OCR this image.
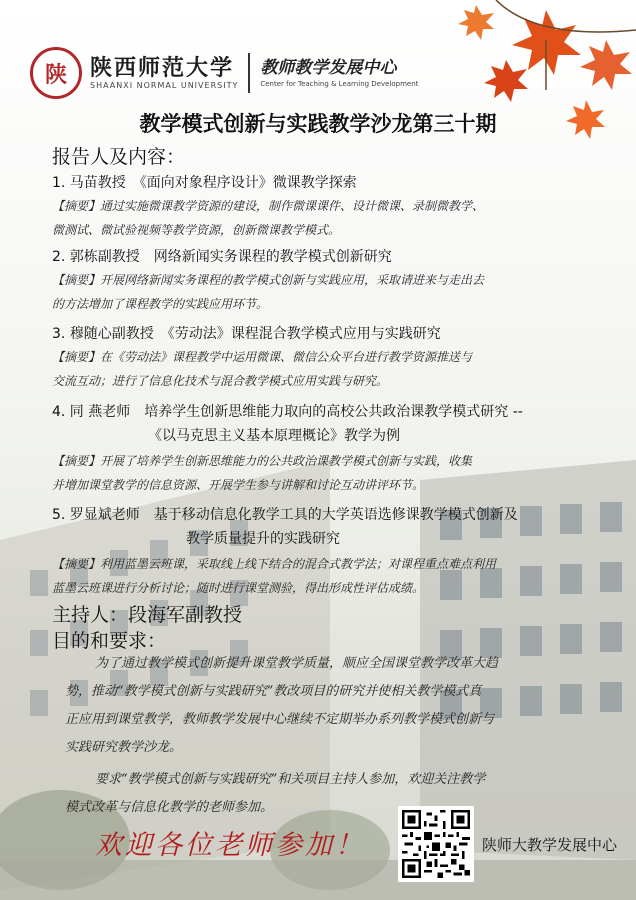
陕 陕西师范大学
SHAANXI NORMAL UNIVERSITY
教师教学发展中心
Center for Teaching & Learning Development
教学模式创新与实践教学沙龙第三十期
报告人及内容：
1. 马苗教授　《面向对象程序设计》微课教学探索
【摘要】通过实施微课教学资源的建设，制作微课课件、设计微课、录制微教学、
微测试、微试验视频等教学资源，创新微课教学模式。
2. 郭栋副教授　网络新闻实务课程的教学模式创新研究
【摘要】开展网络新闻实务课程的教学模式创新与实践应用，采取请进来与走出去
的方法增加了课程教学的实践应用环节。
3. 穆随心副教授　《劳动法》课程混合教学模式应用与实践研究
【摘要】在《劳动法》课程教学中运用微课、微信公众平台进行教学资源推送与
交流互动；进行了信息化技术与混合教学模式应用实践与研究。
4. 同 燕老师　培养学生创新思维能力取向的高校公共政治课教学模式研究 --
《以马克思主义基本原理概论》教学为例
【摘要】开展了培养学生创新思维能力的公共政治课教学模式创新与实践，收集
并增加课堂教学的信息资源、开展学生参与讲解和讨论互动讲评环节。
5. 罗显斌老师　基于移动信息化教学工具的大学英语选修课教学模式创新及
教学质量提升的实践研究
【摘要】利用蓝墨云班课，采取线上线下结合的混合式教学法；对课程重点难点利用
蓝墨云班课进行分析讨论；随时进行课堂测验，得出形成性评估成绩。
主持人：段海军副教授
目的和要求：
为了通过教学模式创新提升课堂教学质量，顺应全国课堂教学改革大趋
势，推动“教学模式创新与实践研究”教改项目的研究并使相关教学模式真
正应用到课堂教学，教师教学发展中心继续不定期举办系列教学模式创新与
实践研究教学沙龙。
要求“教学模式创新与实践研究”和关项目主持人参加，欢迎关注教学
模式改革与信息化教学的老师参加。
欢迎各位老师参加！	陕师大教学发展中心
